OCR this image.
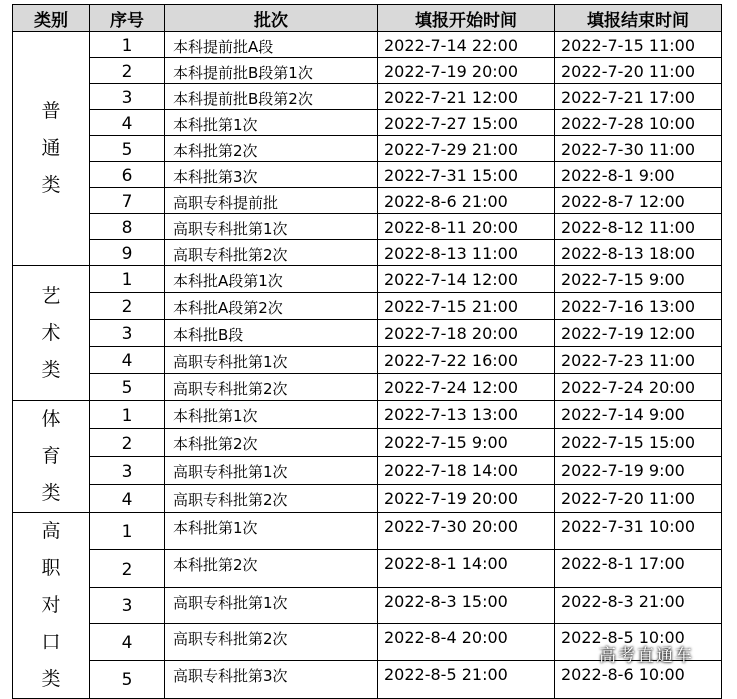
类别	序号	批次	填报开始时间	填报结束时间

普
通
类	1	本科提前批A段	2022-7-14 22:00	2022-7-15 11:00
	2	本科提前批B段第1次	2022-7-19 20:00	2022-7-20 11:00
	3	本科提前批B段第2次	2022-7-21 12:00	2022-7-21 17:00
	4	本科批第1次	2022-7-27 15:00	2022-7-28 10:00
	5	本科批第2次	2022-7-29 21:00	2022-7-30 11:00
	6	本科批第3次	2022-7-31 15:00	2022-8-1 9:00
	7	高职专科提前批	2022-8-6 21:00	2022-8-7 12:00
	8	高职专科批第1次	2022-8-11 20:00	2022-8-12 11:00
	9	高职专科批第2次	2022-8-13 11:00	2022-8-13 18:00

艺
术
类	1	本科批A段第1次	2022-7-14 12:00	2022-7-15 9:00
	2	本科批A段第2次	2022-7-15 21:00	2022-7-16 13:00
	3	本科批B段	2022-7-18 20:00	2022-7-19 12:00
	4	高职专科批第1次	2022-7-22 16:00	2022-7-23 11:00
	5	高职专科批第2次	2022-7-24 12:00	2022-7-24 20:00

体
育
类	1	本科批第1次	2022-7-13 13:00	2022-7-14 9:00
	2	本科批第2次	2022-7-15 9:00	2022-7-15 15:00
	3	高职专科批第1次	2022-7-18 14:00	2022-7-19 9:00
	4	高职专科批第2次	2022-7-19 20:00	2022-7-20 11:00

高
职
对
口
类	1	本科批第1次	2022-7-30 20:00	2022-7-31 10:00
	2	本科批第2次	2022-8-1 14:00	2022-8-1 17:00
	3	高职专科批第1次	2022-8-3 15:00	2022-8-3 21:00
	4	高职专科批第2次	2022-8-4 20:00	2022-8-5 10:00
	5	高职专科批第3次	2022-8-5 21:00	2022-8-6 10:00
高考直通车
